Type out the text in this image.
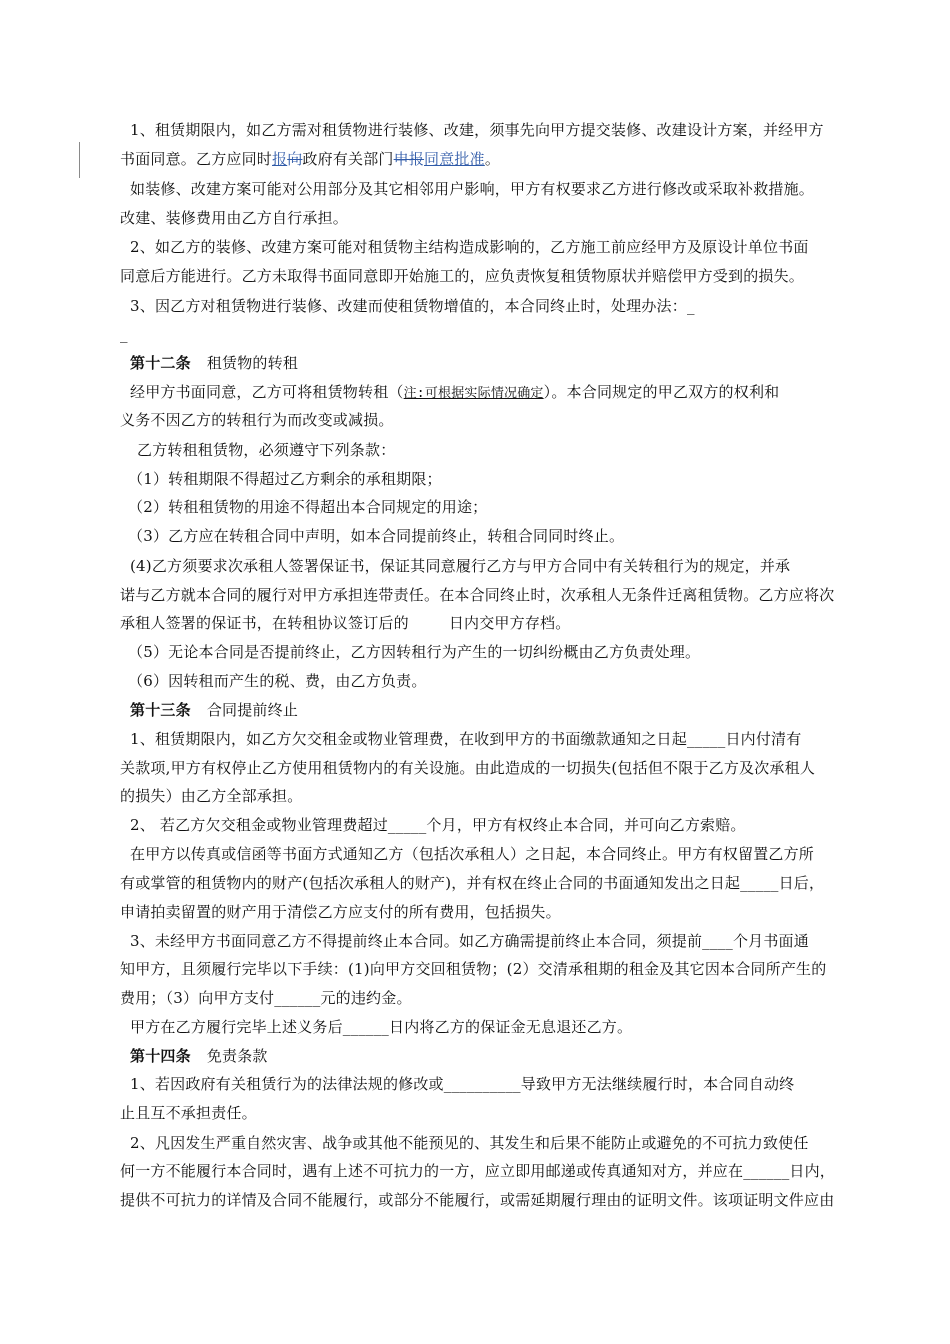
1、租赁期限内，如乙方需对租赁物进行装修、改建，须事先向甲方提交装修、改建设计方案，并经甲方
书面同意。乙方应同时报向政府有关部门申报同意批准。
如装修、改建方案可能对公用部分及其它相邻用户影响，甲方有权要求乙方进行修改或采取补救措施。
改建、装修费用由乙方自行承担。
2、如乙方的装修、改建方案可能对租赁物主结构造成影响的，乙方施工前应经甲方及原设计单位书面
同意后方能进行。乙方未取得书面同意即开始施工的，应负责恢复租赁物原状并赔偿甲方受到的损失。
3、因乙方对租赁物进行装修、改建而使租赁物增值的，本合同终止时，处理办法：_
_
第十二条 租赁物的转租
经甲方书面同意，乙方可将租赁物转租（注:可根据实际情况确定）。本合同规定的甲乙双方的权利和
义务不因乙方的转租行为而改变或减损。
乙方转租租赁物，必须遵守下列条款：
（1）转租期限不得超过乙方剩余的承租期限；
（2）转租租赁物的用途不得超出本合同规定的用途；
（3）乙方应在转租合同中声明，如本合同提前终止，转租合同同时终止。
(4)乙方须要求次承租人签署保证书，保证其同意履行乙方与甲方合同中有关转租行为的规定，并承
诺与乙方就本合同的履行对甲方承担连带责任。在本合同终止时，次承租人无条件迁离租赁物。乙方应将次
承租人签署的保证书，在转租协议签订后的	日内交甲方存档。
（5）无论本合同是否提前终止，乙方因转租行为产生的一切纠纷概由乙方负责处理。
（6）因转租而产生的税、费，由乙方负责。
第十三条 合同提前终止
1、租赁期限内，如乙方欠交租金或物业管理费，在收到甲方的书面缴款通知之日起_____日内付清有
关款项,甲方有权停止乙方使用租赁物内的有关设施。由此造成的一切损失(包括但不限于乙方及次承租人
的损失）由乙方全部承担。
2、 若乙方欠交租金或物业管理费超过_____个月，甲方有权终止本合同，并可向乙方索赔。
在甲方以传真或信函等书面方式通知乙方（包括次承租人）之日起，本合同终止。甲方有权留置乙方所
有或掌管的租赁物内的财产(包括次承租人的财产)，并有权在终止合同的书面通知发出之日起_____日后，
申请拍卖留置的财产用于清偿乙方应支付的所有费用，包括损失。
3、未经甲方书面同意乙方不得提前终止本合同。如乙方确需提前终止本合同，须提前____个月书面通
知甲方，且须履行完毕以下手续：(1)向甲方交回租赁物；(2）交清承租期的租金及其它因本合同所产生的
费用；（3）向甲方支付______元的违约金。
甲方在乙方履行完毕上述义务后______日内将乙方的保证金无息退还乙方。
第十四条 免责条款
1、若因政府有关租赁行为的法律法规的修改或__________导致甲方无法继续履行时，本合同自动终
止且互不承担责任。
2、凡因发生严重自然灾害、战争或其他不能预见的、其发生和后果不能防止或避免的不可抗力致使任
何一方不能履行本合同时，遇有上述不可抗力的一方，应立即用邮递或传真通知对方，并应在______日内，
提供不可抗力的详情及合同不能履行，或部分不能履行，或需延期履行理由的证明文件。该项证明文件应由
